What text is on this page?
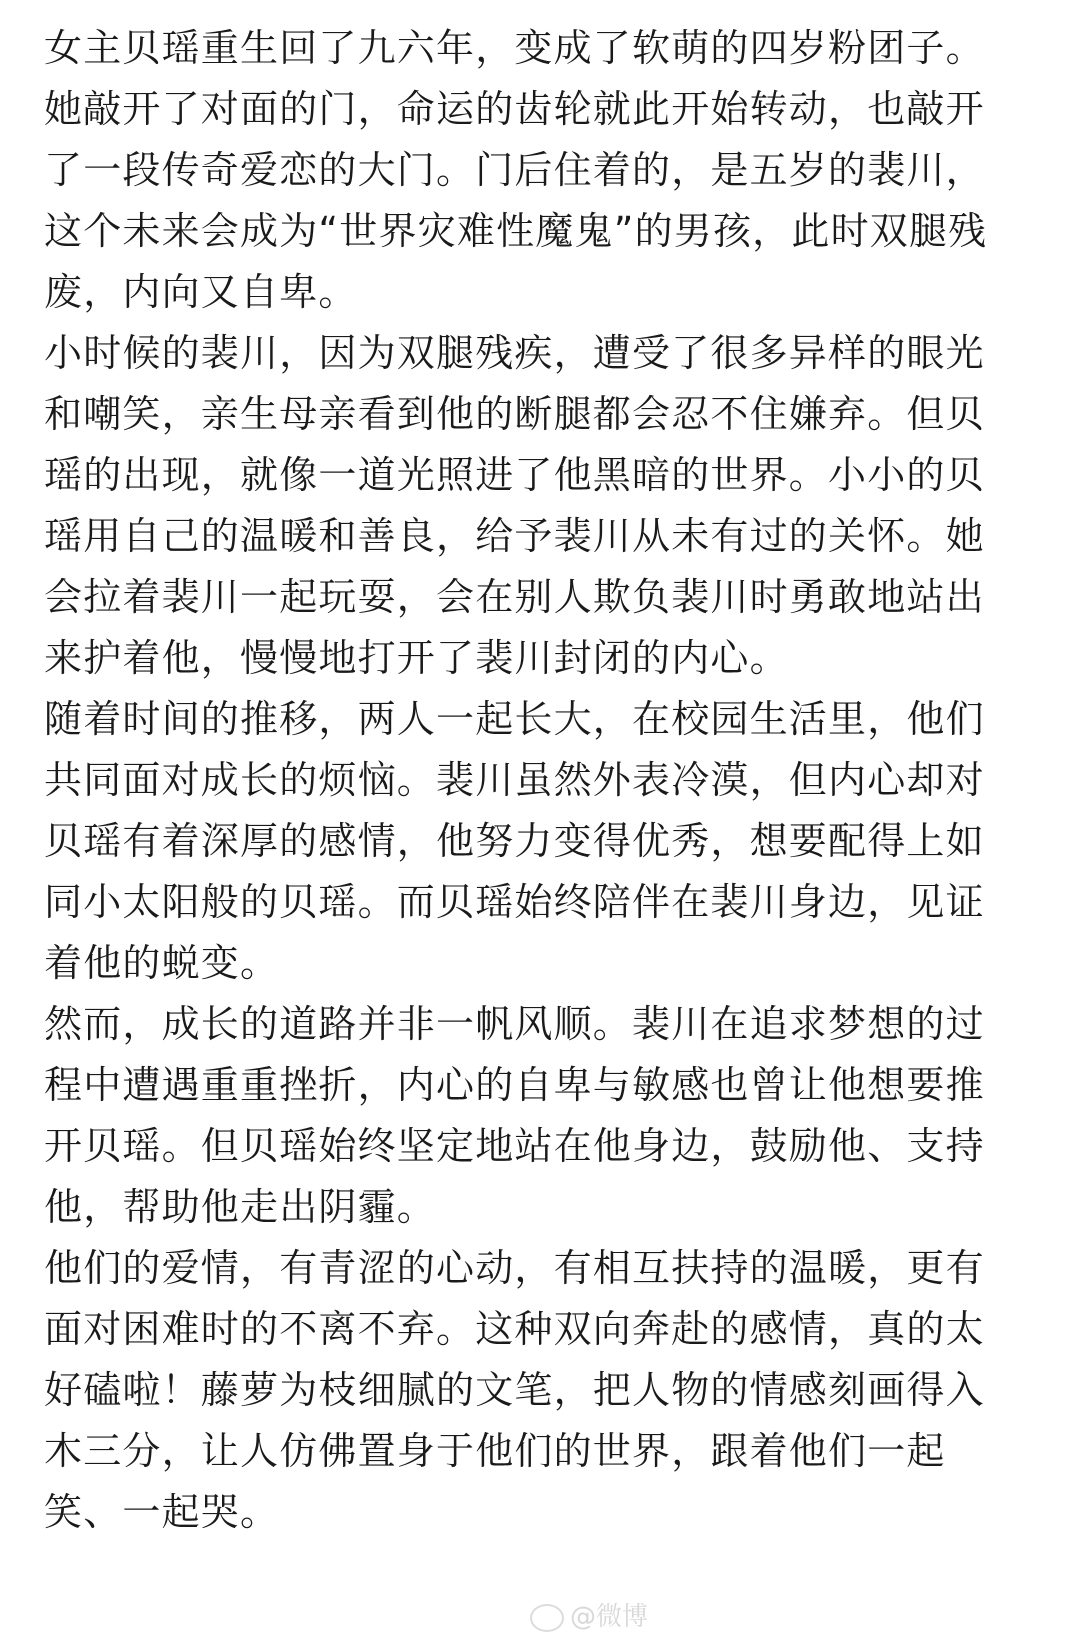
女主贝瑶重生回了九六年，变成了软萌的四岁粉团子。她敲开了对面的门，命运的齿轮就此开始转动，也敲开了一段传奇爱恋的大门。门后住着的，是五岁的裴川，这个未来会成为“世界灾难性魔鬼”的男孩，此时双腿残废，内向又自卑。

小时候的裴川，因为双腿残疾，遭受了很多异样的眼光和嘲笑，亲生母亲看到他的断腿都会忍不住嫌弃。但贝瑶的出现，就像一道光照进了他黑暗的世界。小小的贝瑶用自己的温暖和善良，给予裴川从未有过的关怀。她会拉着裴川一起玩耍，会在别人欺负裴川时勇敢地站出来护着他，慢慢地打开了裴川封闭的内心。

随着时间的推移，两人一起长大，在校园生活里，他们共同面对成长的烦恼。裴川虽然外表冷漠，但内心却对贝瑶有着深厚的感情，他努力变得优秀，想要配得上如同小太阳般的贝瑶。而贝瑶始终陪伴在裴川身边，见证着他的蜕变。

然而，成长的道路并非一帆风顺。裴川在追求梦想的过程中遭遇重重挫折，内心的自卑与敏感也曾让他想要推开贝瑶。但贝瑶始终坚定地站在他身边，鼓励他、支持他，帮助他走出阴霾。

他们的爱情，有青涩的心动，有相互扶持的温暖，更有面对困难时的不离不弃。这种双向奔赴的感情，真的太好磕啦！藤萝为枝细腻的文笔，把人物的情感刻画得入木三分，让人仿佛置身于他们的世界，跟着他们一起笑、一起哭。

@微博
